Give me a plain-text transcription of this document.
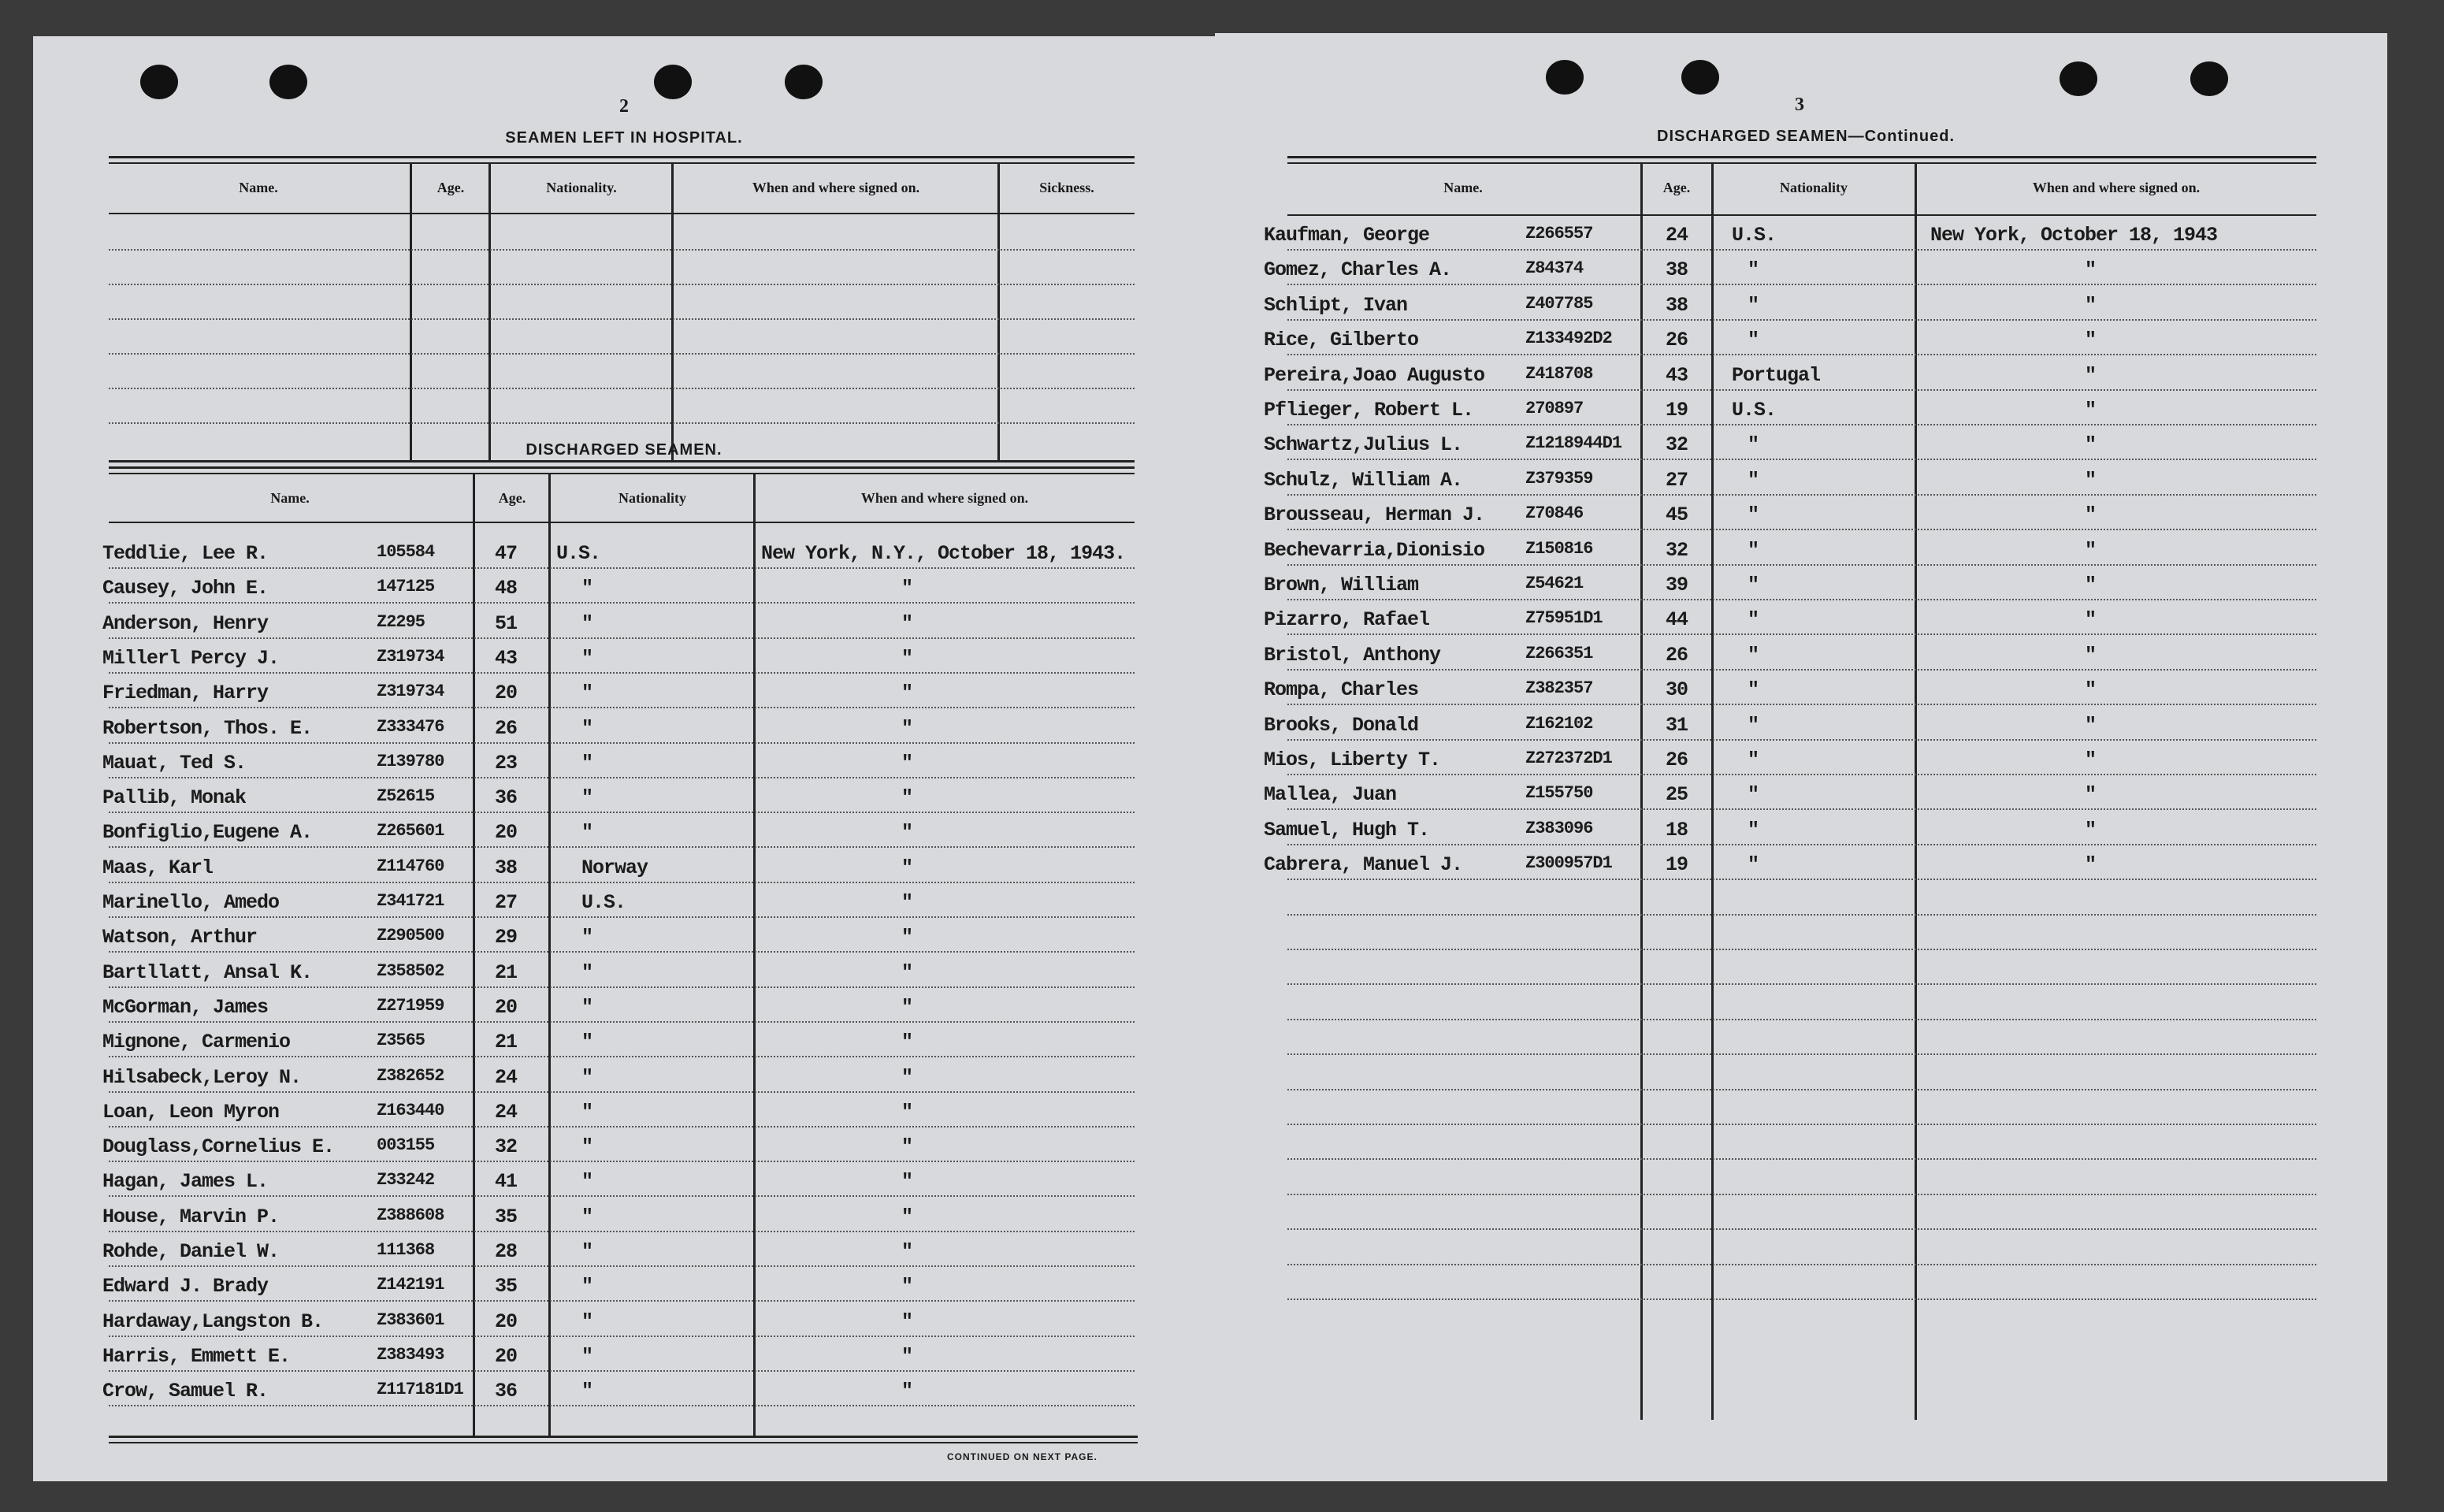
2
SEAMEN LEFT IN HOSPITAL.
Name.	Age.	Nationality.	When and where signed on.	Sickness.
DISCHARGED SEAMEN.
Name.	Age.	Nationality	When and where signed on.
Teddlie, Lee R.	105584	47 U.S.	New York, N.Y., October 18, 1943.
Causey, John E.	147125	48	"	"
Anderson, Henry	Z2295	51	"	"
Millerl Percy J.	Z319734	43	"	"
Friedman, Harry	Z319734	20	"	"
Robertson, Thos. E.	Z333476	26	"	"
Mauat, Ted S.	Z139780	23	"	"
Pallib, Monak	Z52615	36	"	"
Bonfiglio,Eugene A.	Z265601	20	"	"
Maas, Karl	Z114760	38	Norway	"
Marinello, Amedo	Z341721	27	U.S.	"
Watson, Arthur	Z290500	29	"	"
Bartllatt, Ansal K.	Z358502	21	"	"
McGorman, James	Z271959	20	"	"
Mignone, Carmenio	Z3565	21	"	"
Hilsabeck,Leroy N.	Z382652	24	"	"
Loan, Leon Myron	Z163440	24	"	"
Douglass,Cornelius E. 003155	32	"	"
Hagan, James L.	Z33242	41	"	"
House, Marvin P.	Z388608	35	"	"
Rohde, Daniel W.	111368	28	"	"
Edward J. Brady	Z142191	35	"	"
Hardaway,Langston B.	Z383601	20	"	"
Harris, Emmett E.	Z383493	20	"	"
Crow, Samuel R.	Z117181D1 36	"	"
CONTINUED ON NEXT PAGE.
3
DISCHARGED SEAMEN—Continued.
Name.	Age.	Nationality	When and where signed on.
Kaufman, George	Z266557	24 U.S.	New York, October 18, 1943
Gomez, Charles A.	Z84374	38	"	"
Schlipt, Ivan	Z407785	38	"	"
Rice, Gilberto	Z133492D2	26	"	"
Pereira,Joao Augusto Z418708	43 Portugal	"
Pflieger, Robert L.	270897	19 U.S.	"
Schwartz,Julius L.	Z1218944D1 32	"	"
Schulz, William A.	Z379359	27	"	"
Brousseau, Herman J. Z70846	45	"	"
Bechevarria,Dionisio Z150816	32	"	"
Brown, William	Z54621	39	"	"
Pizarro, Rafael	Z75951D1	44	"	"
Bristol, Anthony	Z266351	26	"	"
Rompa, Charles	Z382357	30	"	"
Brooks, Donald	Z162102	31	"	"
Mios, Liberty T.	Z272372D1	26	"	"
Mallea, Juan	Z155750	25	"	"
Samuel, Hugh T.	Z383096	18	"	"
Cabrera, Manuel J.	Z300957D1	19	"	"
